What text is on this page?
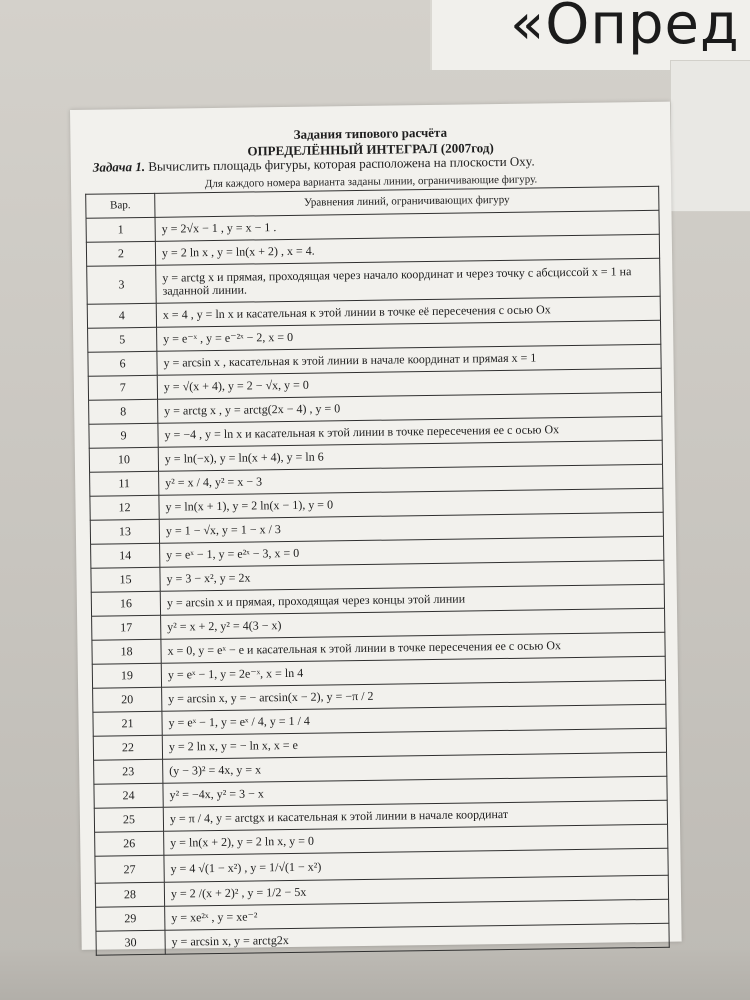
«Опред
Задания типового расчёта
ОПРЕДЕЛЁННЫЙ ИНТЕГРАЛ (2007год)
Задача 1. Вычислить площадь фигуры, которая расположена на плоскости Oxy.
Для каждого номера варианта заданы линии, ограничивающие фигуру.
Вар.	Уравнения линий, ограничивающих фигуру
1	y = 2√x − 1 , y = x − 1 .
2	y = 2 ln x , y = ln(x + 2) , x = 4.
3	y = arctg x и прямая, проходящая через начало координат и через точку с абсциссой x = 1 на заданной линии.
4	x = 4 , y = ln x и касательная к этой линии в точке её пересечения с осью Ox
5	y = e⁻ˣ , y = e⁻²ˣ − 2, x = 0
6	y = arcsin x , касательная к этой линии в начале координат и прямая x = 1
7	y = √(x + 4), y = 2 − √x, y = 0
8	y = arctg x , y = arctg(2x − 4) , y = 0
9	y = −4 , y = ln x и касательная к этой линии в точке пересечения ее с осью Ox
10	y = ln(−x), y = ln(x + 4), y = ln 6
11	y² = x / 4, y² = x − 3
12	y = ln(x + 1), y = 2 ln(x − 1), y = 0
13	y = 1 − √x, y = 1 − x / 3
14	y = eˣ − 1, y = e²ˣ − 3, x = 0
15	y = 3 − x², y = 2x
16	y = arcsin x и прямая, проходящая через концы этой линии
17	y² = x + 2, y² = 4(3 − x)
18	x = 0, y = eˣ − e и касательная к этой линии в точке пересечения ее с осью Ox
19	y = eˣ − 1, y = 2e⁻ˣ, x = ln 4
20	y = arcsin x, y = − arcsin(x − 2), y = −π / 2
21	y = eˣ − 1, y = eˣ / 4, y = 1 / 4
22	y = 2 ln x, y = − ln x, x = e
23	(y − 3)² = 4x, y = x
24	y² = −4x, y² = 3 − x
25	y = π / 4, y = arctgx и касательная к этой линии в начале координат
26	y = ln(x + 2), y = 2 ln x, y = 0
27	y = 4 √(1 − x²) , y = 1/√(1 − x²)
28	y = 2 /(x + 2)² , y = 1/2 − 5x
29	y = xe²ˣ , y = xe⁻²
30	y = arcsin x, y = arctg2x
